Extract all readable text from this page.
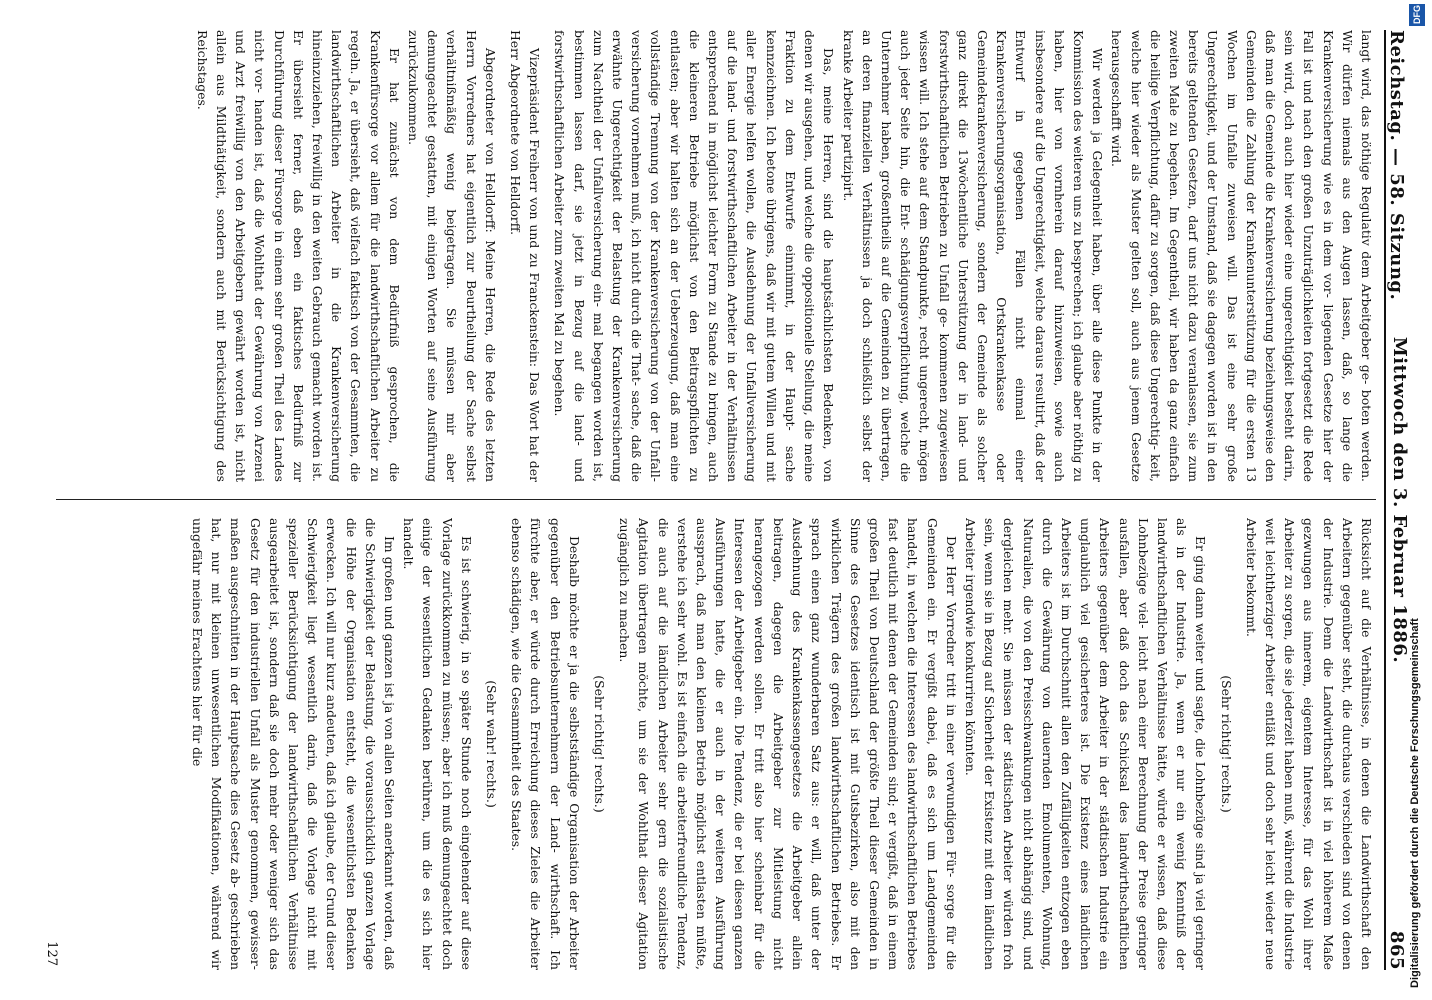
Reichstag. — 58. Sitzung.
Mittwoch den 3. Februar 1886.
865

langt wird, das nöthige Regulativ dem Arbeitgeber ge- boten werden. Wir dürfen niemals aus den Augen lassen, daß, so lange die Krankenversicherung wie es in dem vor- liegenden Gesetze hier der Fall ist und nach den großen Unzuträglichkeiten fortgesetzt die Rede sein wird, doch auch hier wieder eine ungerechtigkeit besteht darin, daß man die Gemeinde die Krankenversicherung beziehungsweise den Gemeinden die Zahlung der Krankenunterstützung für die ersten 13 Wochen im Unfalle zuweisen will. Das ist eine sehr große Ungerechtigkeit, und der Umstand, daß sie dagegen worden ist in den bereits geltenden Gesetzen, darf uns nicht dazu veranlassen, sie zum zweiten Male zu begehen. Im Gegentheil, wir haben da ganz einfach die heilige Verpflichtung, dafür zu sorgen, daß diese Ungerechtig- keit, welche hier wieder als Muster gelten soll, auch aus jenem Gesetze herausgeschafft wird.

Wir werden ja Gelegenheit haben, über alle diese Punkte in der Kommission des weiteren uns zu besprechen; ich glaube aber nöthig zu haben, hier von vornherein darauf hinzuweisen, sowie auch insbesondere auf die Ungerechtigkeit, welche daraus resultirt, daß der Entwurf in gegebenen Fällen nicht einmal einer Krankenversicherungsorganisation, Ortskrankenkasse oder Gemeindekrankenversicherung, sondern der Gemeinde als solcher ganz direkt die 13wöchentliche Unterstützung der in land- und forstwirthschaftlichen Betrieben zu Unfall ge- kommenen zugewiesen wissen will. Ich stehe auf dem Standpunkte, recht ungerecht, mögen auch jeder Seite hin, die Ent- schädigungsverpflichtung, welche die Unternehmer haben, großentheils auf die Gemeinden zu übertragen, an deren finanziellen Verhältnissen ja doch schließlich selbst der kranke Arbeiter partizipirt.

Das, meine Herren, sind die hauptsächlichsten Bedenken, von denen wir ausgehen, und welche die oppositionelle Stellung, die meine Fraktion zu dem Entwurfe einnimmt, in der Haupt- sache kennzeichnen. Ich betone übrigens, daß wir mit gutem Willen und mit aller Energie helfen wollen, die Ausdehnung der Unfallversicherung auf die land- und forstwirthschaftlichen Arbeiter in der Verhältnissen entsprechend in möglichst leichter Form zu Stande zu bringen, auch die kleineren Betriebe möglichst von den Beitragspflichten zu entlasten; aber wir halten sich an der Ueberzeugung, daß man eine vollständige Trennung von der Krankenversicherung von der Unfall- versicherung vornehmen muß, ich nicht durch die That- sache, daß die erwähnte Ungerechtigkeit der Belastung der Krankenversicherung zum Nachtheil der Unfallversicherung ein- mal begangen worden ist, bestimmen lassen darf, sie jetzt in Bezug auf die land- und forstwirthschaftlichen Arbeiter zum zweiten Mal zu begehen.

Vizepräsident Freiherr von und zu Franckenstein: Das Wort hat der Herr Abgeordnete von Helldorff.

Abgeordneter von Helldorff: Meine Herren, die Rede des letzten Herrn Vorredners hat eigentlich zur Beurtheilung der Sache selbst verhältnißmäßig wenig beigetragen. Sie müssen mir aber demungeachtet gestatten, mit einigen Worten auf seine Ausführung zurückzukommen.

Er hat zunächst von dem Bedürfniß gesprochen, die Krankenfürsorge vor allem für die landwirthschaftlichen Arbeiter zu regeln. Ja, er übersieht, daß vielfach faktisch von der Gesammten, die landwirthschaftlichen Arbeiter in die Krankenversicherung hineinzuziehen, freiwillig in den weiten Gebrauch gemacht worden ist. Er übersieht ferner, daß eben ein faktisches Bedürfniß zur Durchführung dieser Fürsorge in einem sehr großen Theil des Landes nicht vor- handen ist, daß die Wohlthat der Gewährung von Arzenei und Arzt freiwillig von den Arbeitgebern gewährt worden ist, nicht allein aus Mildthätigkeit, sondern auch mit Berücksichtigung des Reichstages.

Rücksicht auf die Verhältnisse, in denen die Landwirthschaft den Arbeitern gegenüber steht, die durchaus verschieden sind von denen der Industrie. Denn die Landwirthschaft ist in viel höherem Maße gezwungen aus innerem, eigentem Interesse, für das Wohl ihrer Arbeiter zu sorgen, die sie jederzeit haben muß, während die Industrie weit leichtherziger Arbeiter entläßt und doch sehr leicht wieder neue Arbeiter bekommt.

(Sehr richtig! rechts.)

Er ging dann weiter und sagte, die Lohnbezüge sind ja viel geringer als in der Industrie. Ja, wenn er nur ein wenig Kenntniß der landwirthschaftlichen Verhältnisse hätte, würde er wissen, daß diese Lohnbezüge viel- leicht nach einer Berechnung der Preise geringer ausfallen, aber daß doch das Schicksal des landwirthschaftlichen Arbeiters gegenüber dem Arbeiter in der städtischen Industrie ein unglaublich viel gesicherteres ist. Die Existenz eines ländlichen Arbeiters ist im Durchschnitt allen den Zufälligkeiten entzogen eben durch die Gewährung von dauernden Emolumenten, Wohnung, Naturalien, die von den Preisschwankungen nicht abhängig sind, und dergleichen mehr. Sie müssen der städtischen Arbeiter würden froh sein, wenn sie in Bezug auf Sicherheit der Existenz mit dem ländlichen Arbeiter irgendwie konkurriren könnten.

Der Herr Vorredner tritt in einer verwundigen Für- sorge für die Gemeinden ein. Er vergißt dabei, daß es sich um Landgemeinden handelt, in welchen die Interessen des landwirthschaftlichen Betriebes fast deutlich mit denen der Gemeinden sind; er vergißt, daß in einem großen Theil von Deutschland der größte Theil dieser Gemeinden in Sinne des Gesetzes identisch ist mit Gutsbezirken, also mit den wirklichen Trägern des großen landwirthschaftlichen Betriebes. Er sprach einen ganz wunderbaren Satz aus: er will, daß unter der Ausdehnung des Krankenkassengesetzes die Arbeitgeber allein beitragen, dagegen die Arbeitgeber zur Mitleistung nicht herangezogen werden sollen. Er tritt also hier scheinbar für die Interessen der Arbeitgeber ein. Die Tendenz, die er bei diesen ganzen Ausführungen hatte, die er auch in der weiteren Ausführung aussprach, daß man den kleinen Betrieb möglichst entlasten müßte, verstehe ich sehr wohl. Es ist einfach die arbeiterfreundliche Tendenz, die auch auf die ländlichen Arbeiter sehr gern die sozialistische Agitation übertragen möchte, um sie der Wohlthat dieser Agitation zugänglich zu machen.

(Sehr richtig! rechts.)

Deshalb möchte er ja die selbstständige Organisation der Arbeiter gegenüber den Betriebsunternehmern der Land- wirthschaft. Ich fürchte aber, er würde durch Erreichung dieses Zieles die Arbeiter ebenso schädigen, wie die Gesammtheit des Staates.

(Sehr wahr! rechts.)

Es ist schwierig, in so später Stunde noch eingehender auf diese Vorlage zurückkommen zu müssen; aber ich muß demungeachtet doch einige der wesentlichen Gedanken berühren, um die es sich hier handelt.

Im großen und ganzen ist ja von allen Seiten anerkannt worden, daß die Schwierigkeit der Belastung, die vorausschicklich ganzen Vorlage die Höhe der Organisation entsteht, die wesentlichsten Bedenken erwecken. Ich will nur kurz andeuten, daß ich glaube, der Grund dieser Schwierigkeit liegt wesentlich darin, daß die Vorlage nicht mit spezieller Berücksichtigung der landwirthschaftlichen Verhältnisse ausgearbeitet ist, sondern daß sie doch mehr oder weniger sich das Gesetz für den industriellen Unfall als Muster genommen, gewisser- maßen ausgeschnitten in der Hauptsache dies Gesetz ab- geschrieben hat, nur mit kleinen unwesentlichen Modifikationen, während wir ungefähr meines Erachtens hier für die

127
DFG
Digitalisierung gefördert durch die Deutsche Forschungsgemeinschaft
